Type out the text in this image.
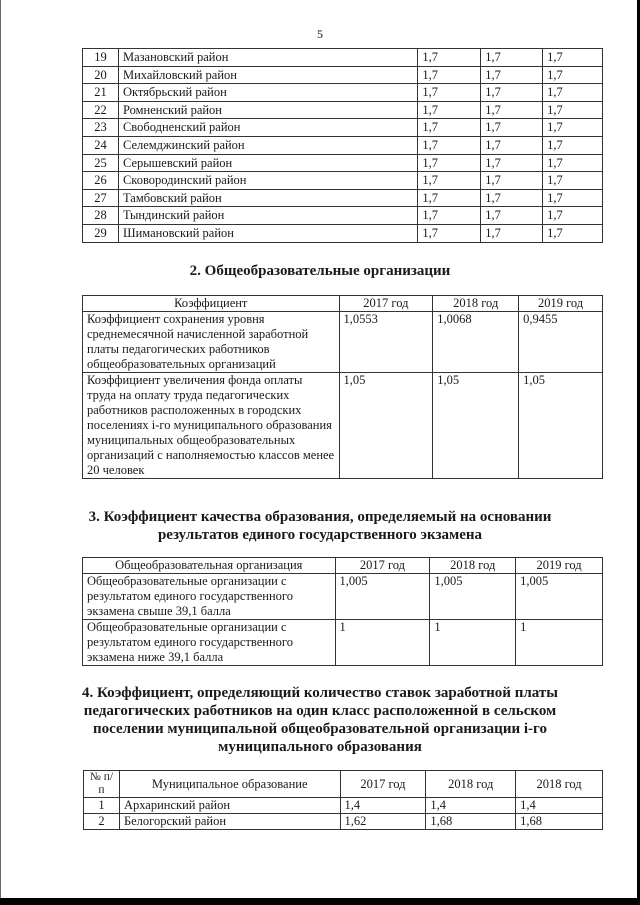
5
19	Мазановский район	1,7	1,7	1,7
20	Михайловский район	1,7	1,7	1,7
21	Октябрьский район	1,7	1,7	1,7
22	Ромненский район	1,7	1,7	1,7
23	Свободненский район	1,7	1,7	1,7
24	Селемджинский район	1,7	1,7	1,7
25	Серышевский район	1,7	1,7	1,7
26	Сковородинский район	1,7	1,7	1,7
27	Тамбовский район	1,7	1,7	1,7
28	Тындинский район	1,7	1,7	1,7
29	Шимановский район	1,7	1,7	1,7
2. Общеобразовательные организации
Коэффициент	2017 год	2018 год	2019 год
Коэффициент сохранения уровня среднемесячной начисленной заработной платы педагогических работников общеобразовательных организаций	1,0553	1,0068	0,9455
Коэффициент увеличения фонда оплаты труда на оплату труда педагогических работников расположенных в городских поселениях i-го муниципального образования муниципальных общеобразовательных организаций с наполняемостью классов менее 20 человек	1,05	1,05	1,05
3. Коэффициент качества образования, определяемый на основании
результатов единого государственного экзамена
Общеобразовательная организация	2017 год	2018 год	2019 год
Общеобразовательные организации с результатом единого государственного экзамена свыше 39,1 балла	1,005	1,005	1,005
Общеобразовательные организации с результатом единого государственного экзамена ниже 39,1 балла	1	1	1
4. Коэффициент, определяющий количество ставок заработной платы
педагогических работников на один класс расположенной в сельском
поселении муниципальной общеобразовательной организации i-го
муниципального образования
№ п/п	Муниципальное образование	2017 год	2018 год	2018 год
1	Архаринский район	1,4	1,4	1,4
2	Белогорский район	1,62	1,68	1,68
